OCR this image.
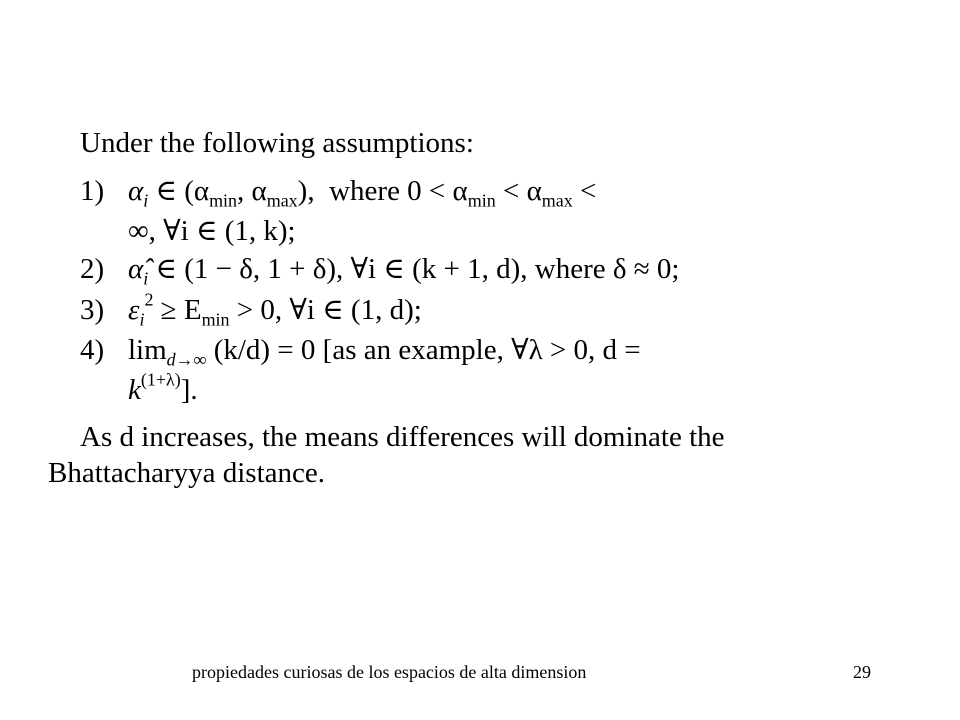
Under the following assumptions:
1) $\alpha_i$ ∈ ($\alpha_{min}$, $\alpha_{max}$), where $0 < \alpha_{min} < \alpha_{max}$ <
∞, ∀i ∈ (1, k);
2) $\alphâ_i$ ∈ (1 − δ, 1 + δ), ∀i ∈ (k + 1, d), where δ ≈ 0;
3) $\varepsilon_i^2 \ge E_{min} > 0$, ∀i ∈ (1, d);
4) $\lim_{d\to\infty} (k/d) = 0$ [as an example, ∀λ > 0, d =
$k^{(1+\lambda)}$].
As d increases, the means differences will dominate the
Bhattacharyya distance.
propiedades curiosas de los espacios de alta dimension	29
